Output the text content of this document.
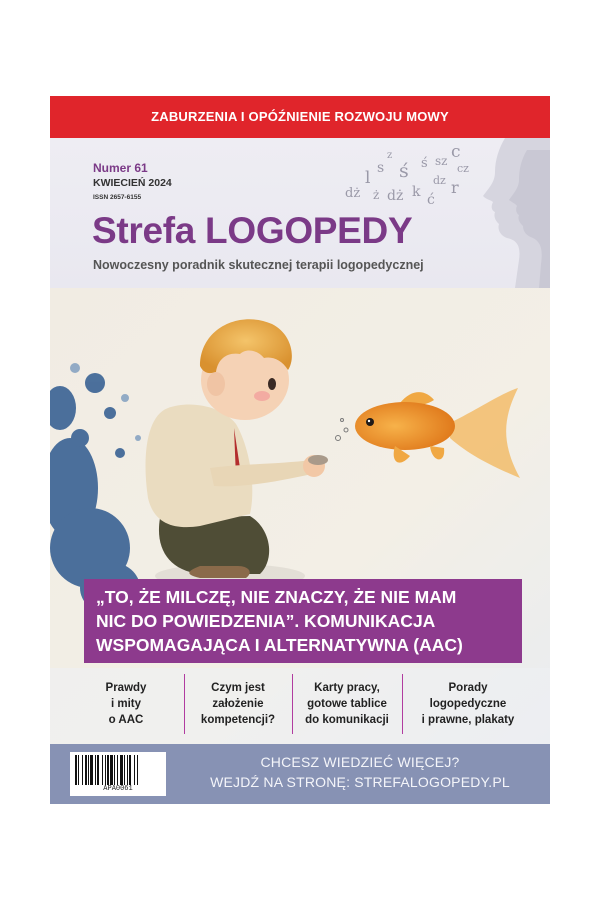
ZABURZENIA I OPÓŹNIENIE ROZWOJU MOWY
Numer 61
KWIECIEŃ 2024
ISSN 2657-6155
l s
z
ś ś sz c
cz
dż ż dż k
dz
ć
r
Strefa LOGOPEDY
Nowoczesny poradnik skutecznej terapii logopedycznej
„TO, ŻE MILCZĘ, NIE ZNACZY, ŻE NIE MAM
NIC DO POWIEDZENIA”. KOMUNIKACJA
WSPOMAGAJĄCA I ALTERNATYWNA (AAC)
Prawdy
i mity
o AAC
Czym jest
założenie
kompetencji?
Karty pracy,
gotowe tablice
do komunikacji
Porady
logopedyczne
i prawne, plakaty
APA0061
CHCESZ WIEDZIEĆ WIĘCEJ?
WEJDŹ NA STRONĘ: STREFALOGOPEDY.PL
